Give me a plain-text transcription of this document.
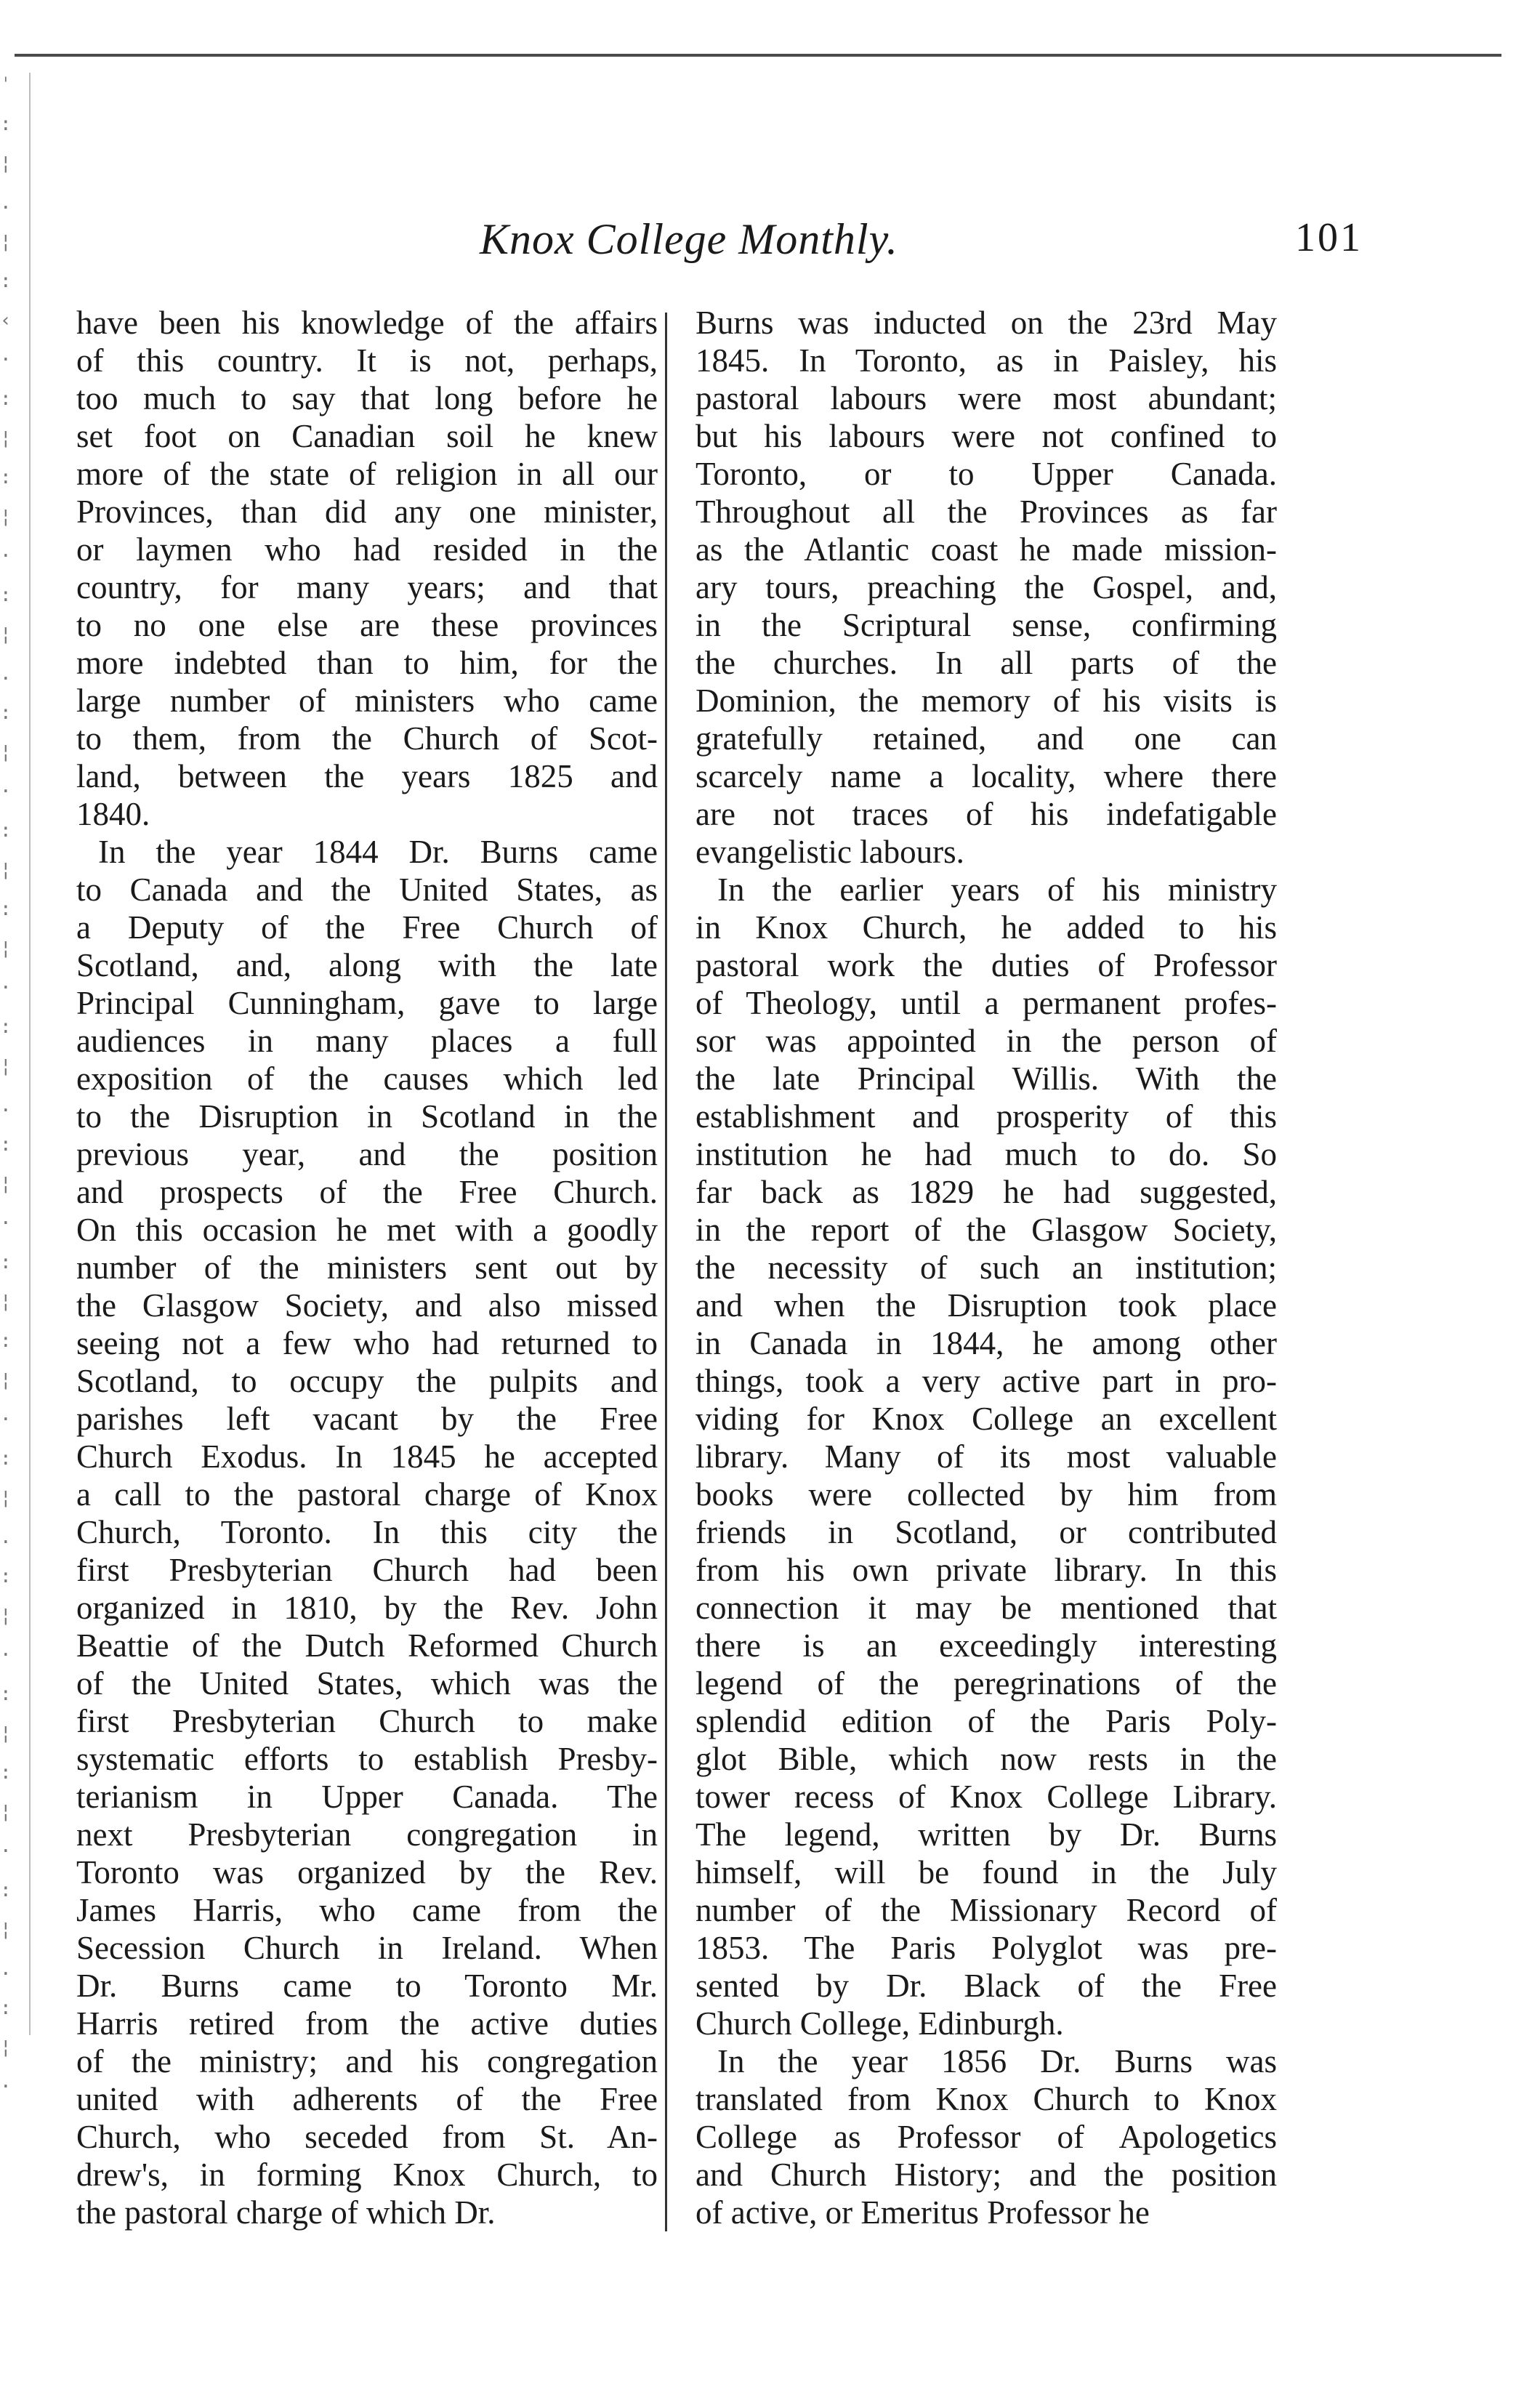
ˈ
:
¦
.
¦
:
‹
·
:
¦
:
¦
·
:
¦
.
:
¦
·
:
¦
:
¦
·
:
¦
.
:
¦
·
:
¦
:
¦
·
:
¦
.
:
¦
·
:
¦
:
¦
·
:
¦
.
:
¦
·
Knox College Monthly.	101
have been his knowledge of the affairs
of this country. It is not, perhaps,
too much to say that long before he
set foot on Canadian soil he knew
more of the state of religion in all our
Provinces, than did any one minister,
or laymen who had resided in the
country, for many years; and that
to no one else are these provinces
more indebted than to him, for the
large number of ministers who came
to them, from the Church of Scot-
land, between the years 1825 and
1840.
In the year 1844 Dr. Burns came
to Canada and the United States, as
a Deputy of the Free Church of
Scotland, and, along with the late
Principal Cunningham, gave to large
audiences in many places a full
exposition of the causes which led
to the Disruption in Scotland in the
previous year, and the position
and prospects of the Free Church.
On this occasion he met with a goodly
number of the ministers sent out by
the Glasgow Society, and also missed
seeing not a few who had returned to
Scotland, to occupy the pulpits and
parishes left vacant by the Free
Church Exodus. In 1845 he accepted
a call to the pastoral charge of Knox
Church, Toronto. In this city the
first Presbyterian Church had been
organized in 1810, by the Rev. John
Beattie of the Dutch Reformed Church
of the United States, which was the
first Presbyterian Church to make
systematic efforts to establish Presby-
terianism in Upper Canada. The
next Presbyterian congregation in
Toronto was organized by the Rev.
James Harris, who came from the
Secession Church in Ireland. When
Dr. Burns came to Toronto Mr.
Harris retired from the active duties
of the ministry; and his congregation
united with adherents of the Free
Church, who seceded from St. An-
drew's, in forming Knox Church, to
the pastoral charge of which Dr.
Burns was inducted on the 23rd May
1845. In Toronto, as in Paisley, his
pastoral labours were most abundant;
but his labours were not confined to
Toronto, or to Upper Canada.
Throughout all the Provinces as far
as the Atlantic coast he made mission-
ary tours, preaching the Gospel, and,
in the Scriptural sense, confirming
the churches. In all parts of the
Dominion, the memory of his visits is
gratefully retained, and one can
scarcely name a locality, where there
are not traces of his indefatigable
evangelistic labours.
In the earlier years of his ministry
in Knox Church, he added to his
pastoral work the duties of Professor
of Theology, until a permanent profes-
sor was appointed in the person of
the late Principal Willis. With the
establishment and prosperity of this
institution he had much to do. So
far back as 1829 he had suggested,
in the report of the Glasgow Society,
the necessity of such an institution;
and when the Disruption took place
in Canada in 1844, he among other
things, took a very active part in pro-
viding for Knox College an excellent
library. Many of its most valuable
books were collected by him from
friends in Scotland, or contributed
from his own private library. In this
connection it may be mentioned that
there is an exceedingly interesting
legend of the peregrinations of the
splendid edition of the Paris Poly-
glot Bible, which now rests in the
tower recess of Knox College Library.
The legend, written by Dr. Burns
himself, will be found in the July
number of the Missionary Record of
1853. The Paris Polyglot was pre-
sented by Dr. Black of the Free
Church College, Edinburgh.
In the year 1856 Dr. Burns was
translated from Knox Church to Knox
College as Professor of Apologetics
and Church History; and the position
of active, or Emeritus Professor he
